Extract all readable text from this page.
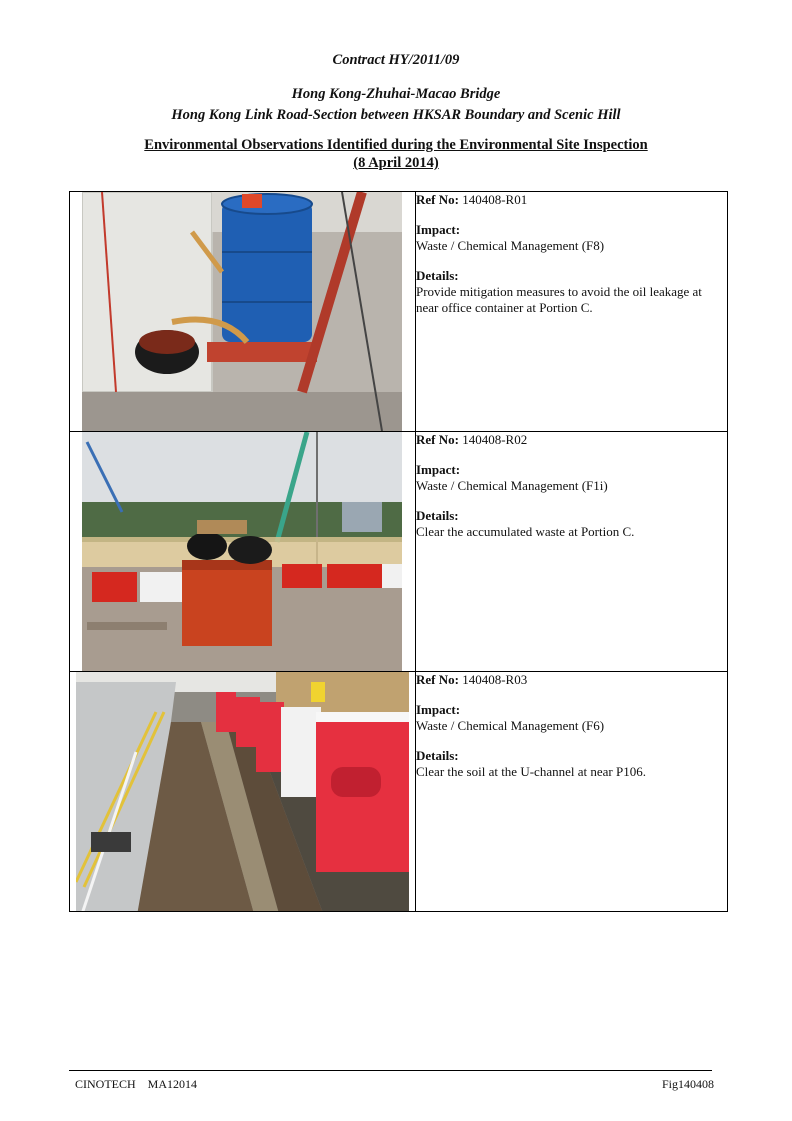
Contract HY/2011/09
Hong Kong-Zhuhai-Macao Bridge
Hong Kong Link Road-Section between HKSAR Boundary and Scenic Hill
Environmental Observations Identified during the Environmental Site Inspection
(8 April 2014)

Ref No: 140408-R01
Impact:
Waste / Chemical Management (F8)
Details:
Provide mitigation measures to avoid the oil leakage at near office container at Portion C.

Ref No: 140408-R02
Impact:
Waste / Chemical Management (F1i)
Details:
Clear the accumulated waste at Portion C.

Ref No: 140408-R03
Impact:
Waste / Chemical Management (F6)
Details:
Clear the soil at the U-channel at near P106.
CINOTECH    MA12014	Fig140408
